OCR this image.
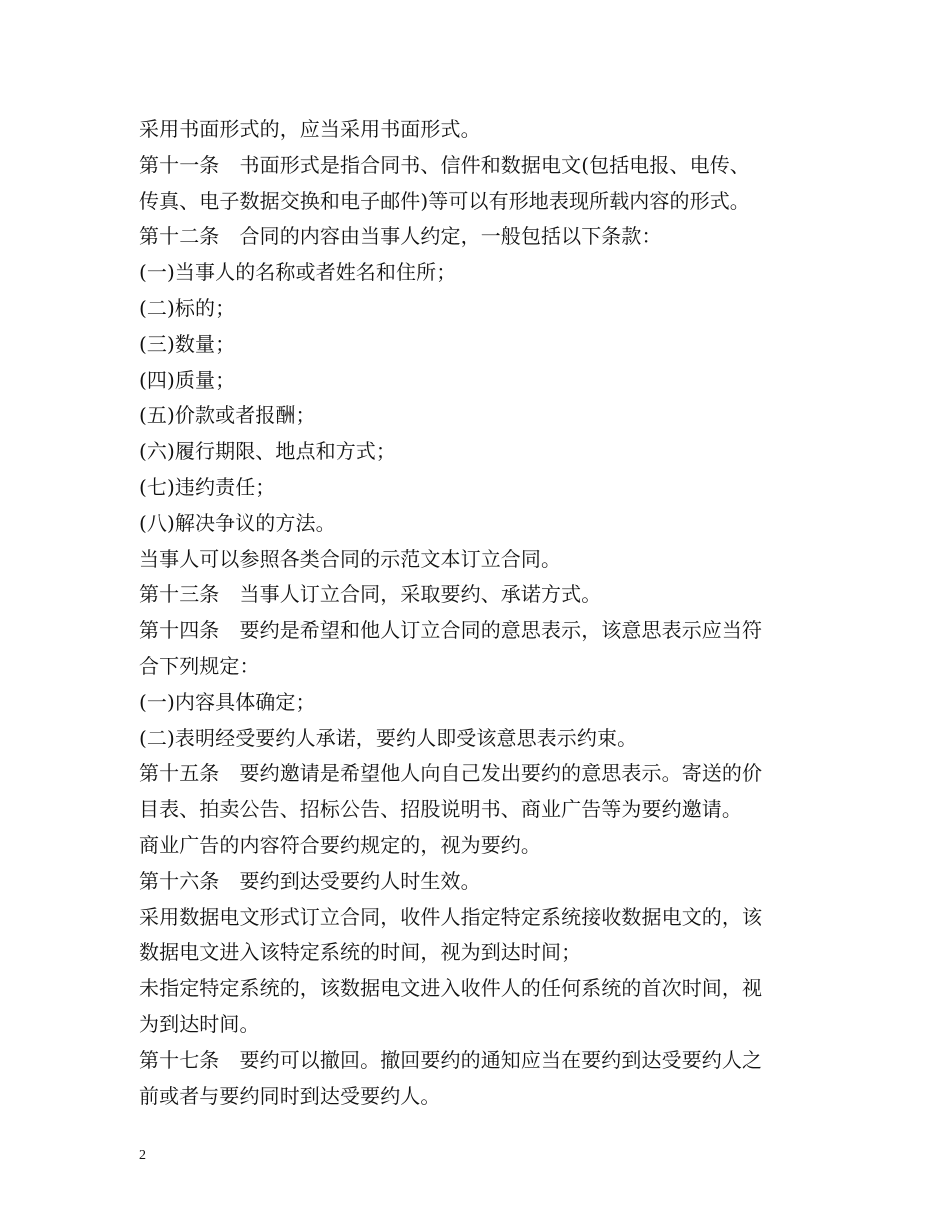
采用书面形式的，应当采用书面形式。
第十一条　书面形式是指合同书、信件和数据电文(包括电报、电传、
传真、电子数据交换和电子邮件)等可以有形地表现所载内容的形式。
第十二条　合同的内容由当事人约定，一般包括以下条款：
(一)当事人的名称或者姓名和住所；
(二)标的；
(三)数量；
(四)质量；
(五)价款或者报酬；
(六)履行期限、地点和方式；
(七)违约责任；
(八)解决争议的方法。
当事人可以参照各类合同的示范文本订立合同。
第十三条　当事人订立合同，采取要约、承诺方式。
第十四条　要约是希望和他人订立合同的意思表示，该意思表示应当符
合下列规定：
(一)内容具体确定；
(二)表明经受要约人承诺，要约人即受该意思表示约束。
第十五条　要约邀请是希望他人向自己发出要约的意思表示。寄送的价
目表、拍卖公告、招标公告、招股说明书、商业广告等为要约邀请。
商业广告的内容符合要约规定的，视为要约。
第十六条　要约到达受要约人时生效。
采用数据电文形式订立合同，收件人指定特定系统接收数据电文的，该
数据电文进入该特定系统的时间，视为到达时间；
未指定特定系统的，该数据电文进入收件人的任何系统的首次时间，视
为到达时间。
第十七条　要约可以撤回。撤回要约的通知应当在要约到达受要约人之
前或者与要约同时到达受要约人。
2
